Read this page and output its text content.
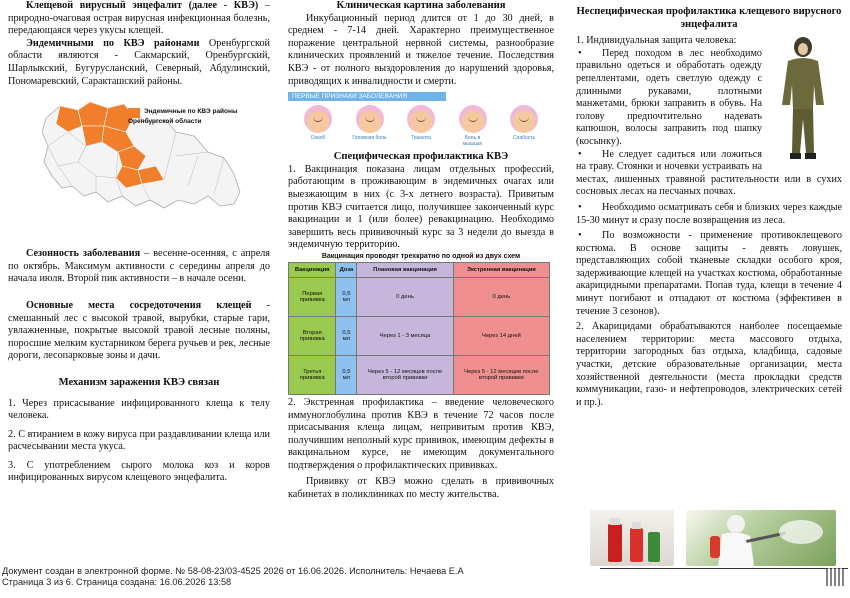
Клещевой вирусный энцефалит (далее - КВЭ) – природно-очаговая острая вирусная инфекционная болезнь, передающаяся через укусы клещей.

Эндемичными по КВЭ районами Оренбургской области являются - Сакмарский, Оренбургский, Шарлыкский, Бугурусланский, Северный, Абдулинский, Пономаревский, Саракташский районы.

Эндемичные по КВЭ районы Оренбургской области

Сезонность заболевания – весенне-осенняя, с апреля по октябрь. Максимум активности с середины апреля до начала июля. Второй пик активности – в начале осени.

Основные места сосредоточения клещей - смешанный лес с высокой травой, вырубки, старые гари, увлажненные, покрытые высокой травой лесные поляны, поросшие мелким кустарником берега ручьев и рек, лесные дороги, лесопарковые зоны и дачи.

Механизм заражения КВЭ связан

1. Через присасывание инфицированного клеща к телу человека.

2. С втиранием в кожу вируса при раздавливании клеща или расчесывании места укуса.

3. С употреблением сырого молока коз и коров инфицированных вирусом клещевого энцефалита.

Клиническая картина заболевания

Инкубационный период длится от 1 до 30 дней, в среднем - 7-14 дней. Характерно преимущественное поражение центральной нервной системы, разнообразие клинических проявлений и тяжелое течение. Последствия КВЭ - от полного выздоровления до нарушений здоровья, приводящих к инвалидности и смерти.

ПЕРВЫЕ ПРИЗНАКИ ЗАБОЛЕВАНИЯ
Озноб	Головная боль	Тошнота	Боль в мышцах
Слабость
Специфическая профилактика КВЭ

1. Вакцинация показана лицам отдельных профессий, работающим в проживающим в эндемичных очагах или выезжающим в них (с 3-х летнего возраста). Привитым против КВЭ считается лицо, получившее законченный курс вакцинации и 1 (или более) ревакцинацию. Необходимо завершить весь прививочный курс за 3 недели до выезда в эндемичную территорию.

Вакцинация проводят трехкратно по одной из двух схем
Вакцинация	Доза	Плановая вакцинация	Экстренная вакцинация
Первая прививка	0,5 мл	0 день	0 день
Вторая прививка	0,5 мл	Через 1 - 3 месяца	Через 14 дней
Третья прививка	0,5 мл	Через 5 - 12 месяцев после второй прививки	Через 5 - 12 месяцев после второй прививки

2. Экстренная профилактика – введение человеческого иммуноглобулина против КВЭ в течение 72 часов после присасывания клеща лицам, непривитым против КВЭ, получившим неполный курс прививок, имеющим дефекты в вакцинальном курсе, не имеющим документального подтверждения о профилактических прививках.

Прививку от КВЭ можно сделать в прививочных кабинетах в поликлиниках по месту жительства.

Неспецифическая профилактика клещевого вирусного энцефалита

1. Индивидуальная защита человека:

• Перед походом в лес необходимо правильно одеться и обработать одежду репеллентами, одеть светлую одежду с длинными рукавами, плотными манжетами, брюки заправить в обувь. На голову предпочтительно надевать капюшон, волосы заправить под шапку (косынку).

• Не следует садиться или ложиться на траву. Стоянки и ночевки устраивать на местах, лишенных травяной растительности или в сухих сосновых лесах на песчаных почвах.

• Необходимо осматривать себя и близких через каждые 15-30 минут и сразу после возвращения из леса.

• По возможности - применение противоклещевого костюма. В основе защиты - девять ловушек, представляющих собой тканевые складки особого кроя, задерживающие клещей на участках костюма, обработанные акарицидными препаратами. Попав туда, клещи в течение 4 минут погибают и отпадают от костюма (эффективен в течение 3 сезонов).

2. Акарицидами обрабатываются наиболее посещаемые населением территории: места массового отдыха, территории загородных баз отдыха, кладбища, садовые участки, детские образовательные организации, места хозяйственной деятельности (места прокладки средств коммуникации, газо- и нефтепроводов, электрических сетей и пр.).

Документ создан в электронной форме. № 58-08-23/03-4525 2026 от 16.06.2026. Исполнитель: Нечаева Е.А
Страница 3 из 6. Страница создана: 16.06.2026 13:58
